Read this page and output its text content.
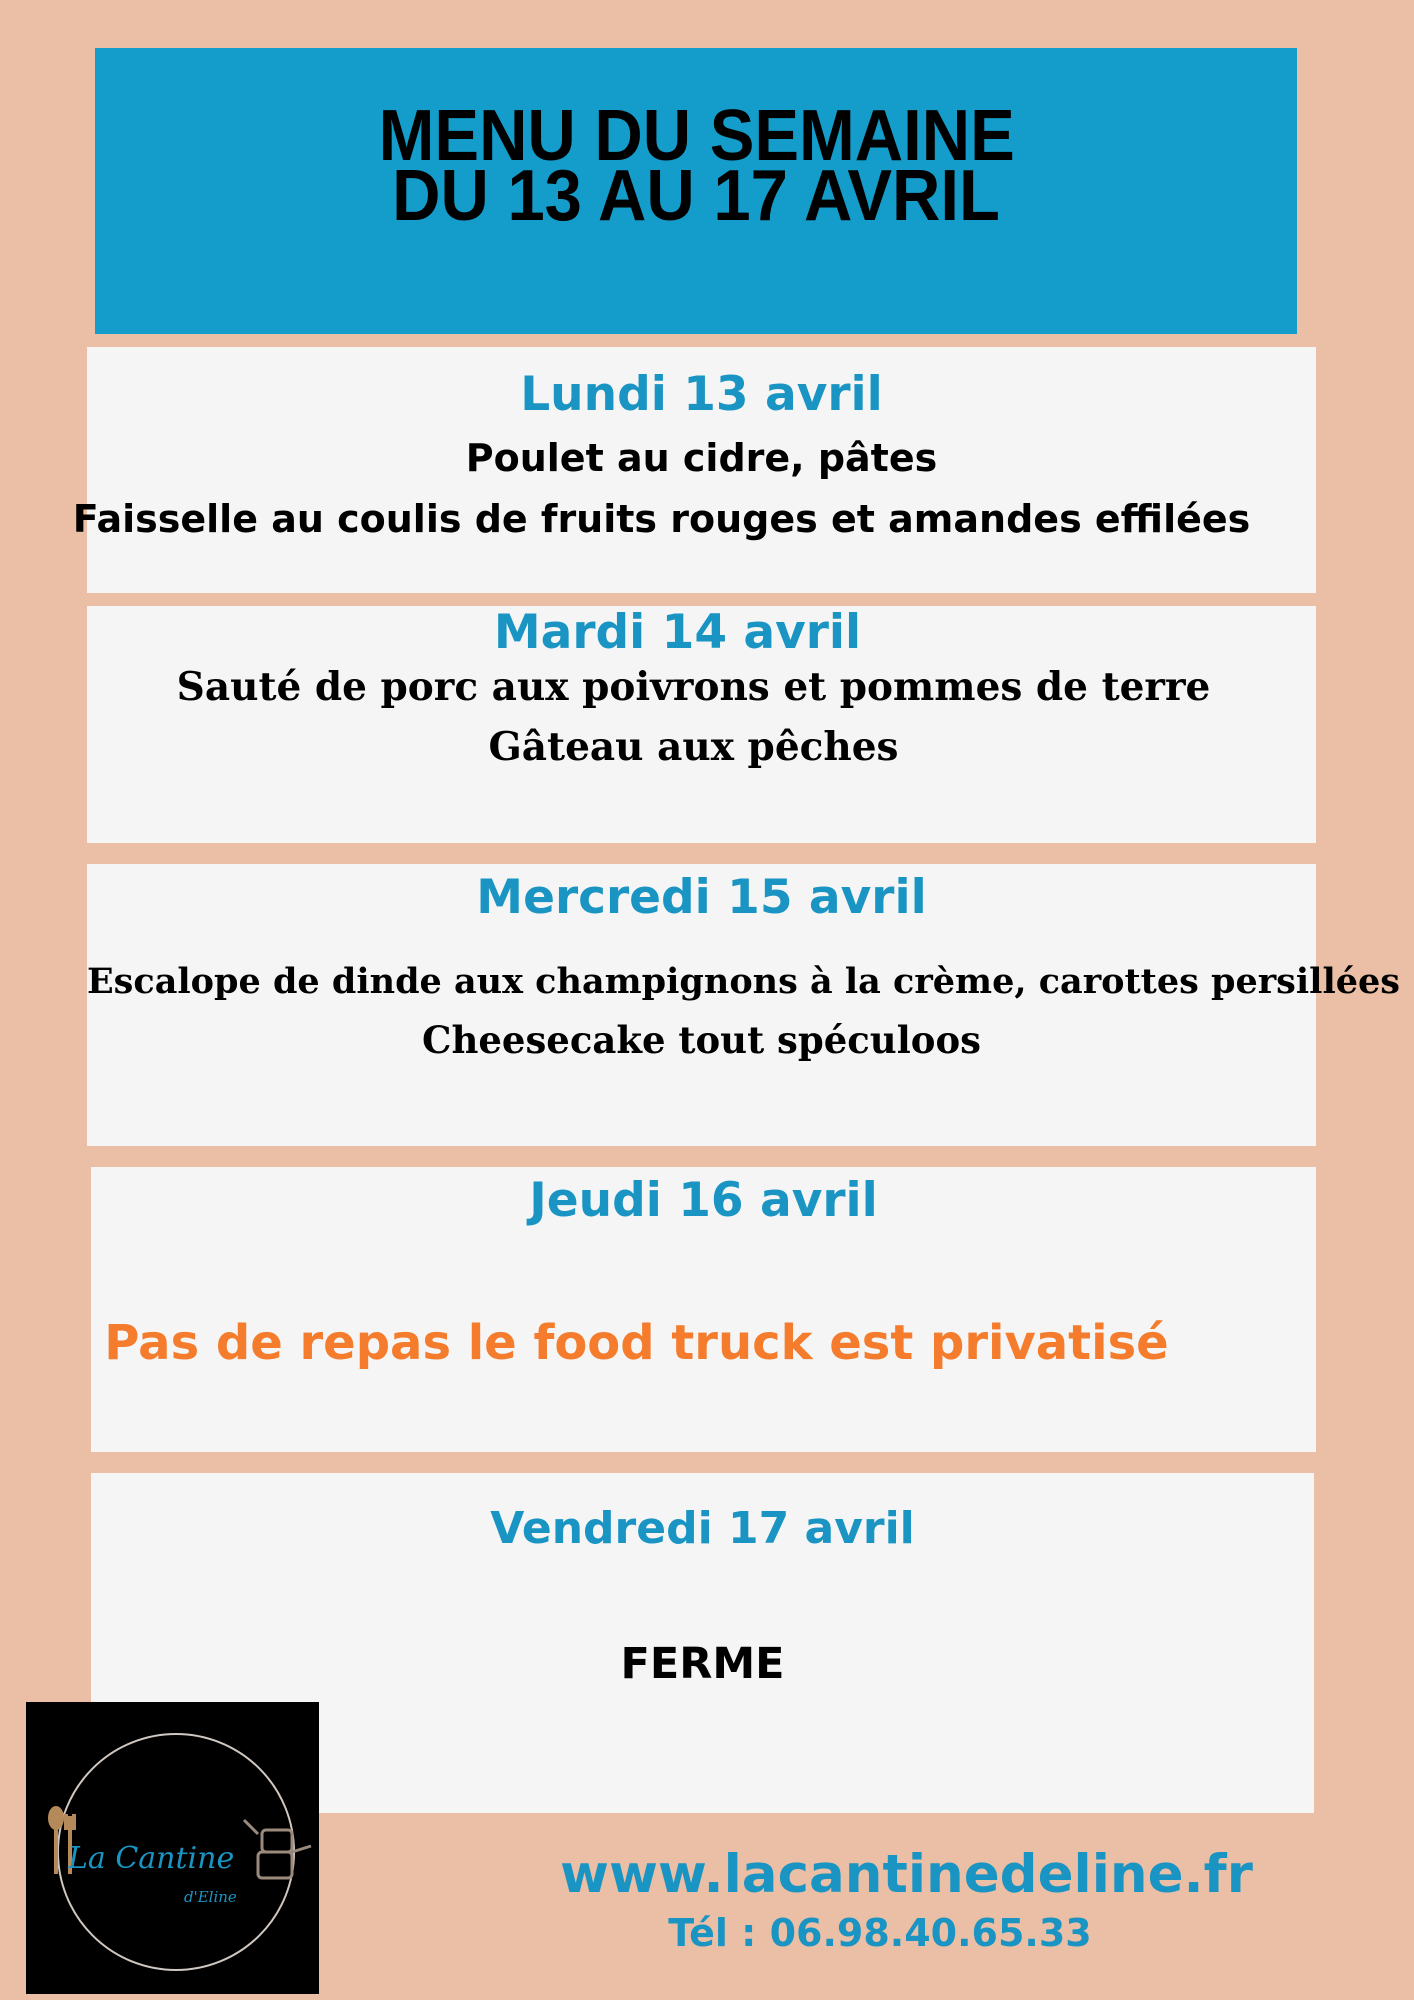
MENU DU SEMAINE
DU 13 AU 17 AVRIL
Lundi 13 avril
Poulet au cidre, pâtes
Faisselle au coulis de fruits rouges et amandes effilées
Mardi 14 avril
Sauté de porc aux poivrons et pommes de terre
Gâteau aux pêches
Mercredi 15 avril
Escalope de dinde aux champignons à la crème, carottes persillées
Cheesecake tout spéculoos
Jeudi 16 avril
Pas de repas le food truck est privatisé
Vendredi 17 avril
FERME
La Cantine
d'Eline	www.lacantinedeline.fr
Tél : 06.98.40.65.33
